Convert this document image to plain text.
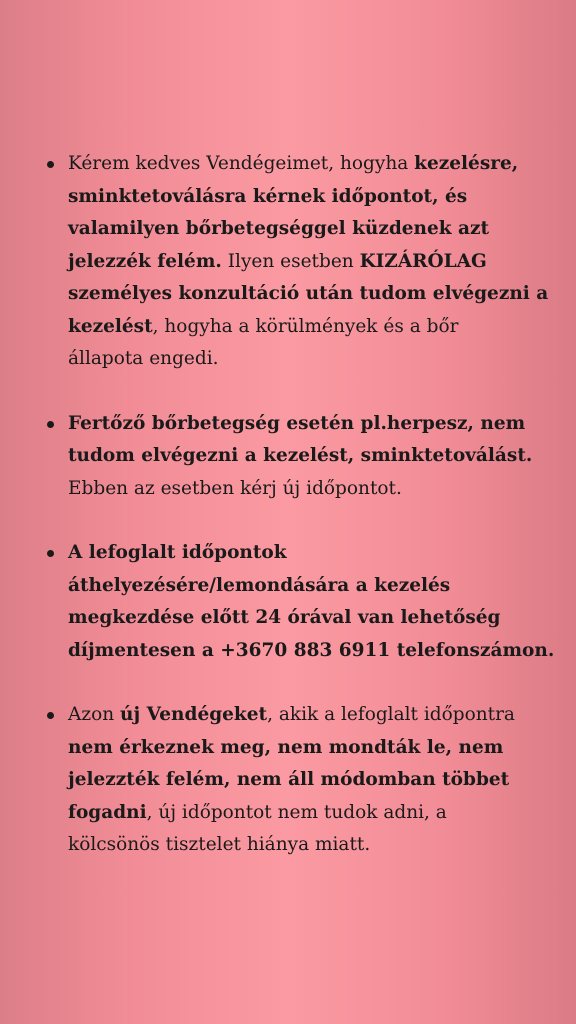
Kérem kedves Vendégeimet, hogyha kezelésre,
sminktetoválásra kérnek időpontot, és
valamilyen bőrbetegséggel küzdenek azt
jelezzék felém. Ilyen esetben KIZÁRÓLAG
személyes konzultáció után tudom elvégezni a
kezelést, hogyha a körülmények és a bőr
állapota engedi.
Fertőző bőrbetegség esetén pl.herpesz, nem
tudom elvégezni a kezelést, sminktetoválást.
Ebben az esetben kérj új időpontot.
A lefoglalt időpontok
áthelyezésére/lemondására a kezelés
megkezdése előtt 24 órával van lehetőség
díjmentesen a +3670 883 6911 telefonszámon.
Azon új Vendégeket, akik a lefoglalt időpontra
nem érkeznek meg, nem mondták le, nem
jelezzték felém, nem áll módomban többet
fogadni, új időpontot nem tudok adni, a
kölcsönös tisztelet hiánya miatt.
